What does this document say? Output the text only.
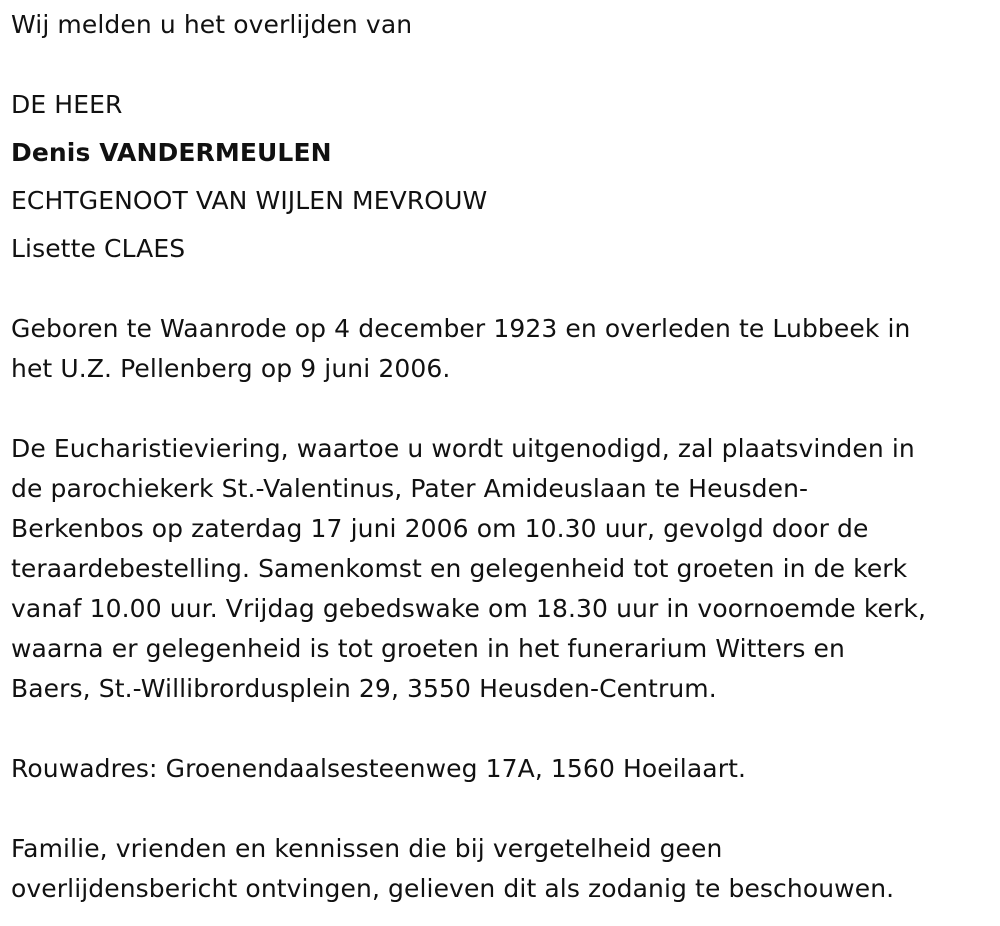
Wij melden u het overlijden van

DE HEER

Denis VANDERMEULEN

ECHTGENOOT VAN WIJLEN MEVROUW

Lisette CLAES

Geboren te Waanrode op 4 december 1923 en overleden te Lubbeek in

het U.Z. Pellenberg op 9 juni 2006.

De Eucharistieviering, waartoe u wordt uitgenodigd, zal plaatsvinden in

de parochiekerk St.-Valentinus, Pater Amideuslaan te Heusden-

Berkenbos op zaterdag 17 juni 2006 om 10.30 uur, gevolgd door de

teraardebestelling. Samenkomst en gelegenheid tot groeten in de kerk

vanaf 10.00 uur. Vrijdag gebedswake om 18.30 uur in voornoemde kerk,

waarna er gelegenheid is tot groeten in het funerarium Witters en

Baers, St.-Willibrordusplein 29, 3550 Heusden-Centrum.

Rouwadres: Groenendaalsesteenweg 17A, 1560 Hoeilaart.

Familie, vrienden en kennissen die bij vergetelheid geen

overlijdensbericht ontvingen, gelieven dit als zodanig te beschouwen.
